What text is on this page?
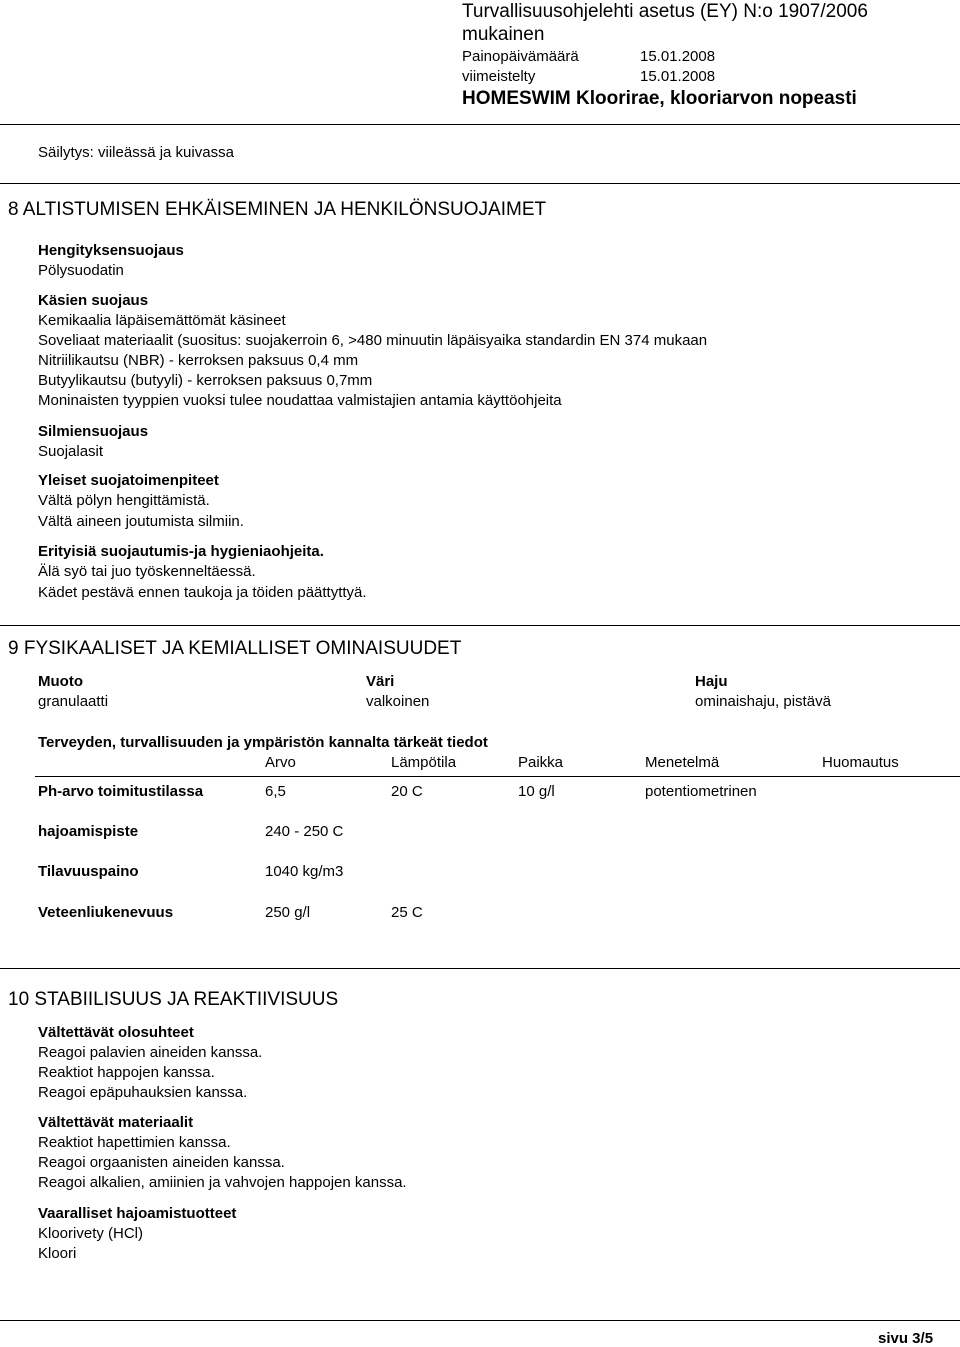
Turvallisuusohjelehti asetus (EY) N:o 1907/2006
mukainen
Painopäivämäärä	15.01.2008
viimeistelty	15.01.2008
HOMESWIM Kloorirae, klooriarvon nopeasti
Säilytys: viileässä ja kuivassa
8 ALTISTUMISEN EHKÄISEMINEN JA HENKILÖNSUOJAIMET
Hengityksensuojaus
Pölysuodatin
Käsien suojaus
Kemikaalia läpäisemättömät käsineet
Soveliaat materiaalit (suositus: suojakerroin 6, >480 minuutin läpäisyaika standardin EN 374 mukaan
Nitriilikautsu (NBR) - kerroksen paksuus 0,4 mm
Butyylikautsu (butyyli) - kerroksen paksuus 0,7mm
Moninaisten tyyppien vuoksi tulee noudattaa valmistajien antamia käyttöohjeita
Silmiensuojaus
Suojalasit
Yleiset suojatoimenpiteet
Vältä pölyn hengittämistä.
Vältä aineen joutumista silmiin.
Erityisiä suojautumis-ja hygieniaohjeita.
Älä syö tai juo työskenneltäessä.
Kädet pestävä ennen taukoja ja töiden päättyttyä.
9 FYSIKAALISET JA KEMIALLISET OMINAISUUDET
Muoto
granulaatti
Väri
valkoinen
Haju
ominaishaju, pistävä
Terveyden, turvallisuuden ja ympäristön kannalta tärkeät tiedot
Arvo	Lämpötila	Paikka	Menetelmä	Huomautus
Ph-arvo toimitustilassa	6,5	20 C	10 g/l	potentiometrinen
hajoamispiste	240 - 250 C
Tilavuuspaino	1040 kg/m3
Veteenliukenevuus	250 g/l	25 C
10 STABIILISUUS JA REAKTIIVISUUS
Vältettävät olosuhteet
Reagoi palavien aineiden kanssa.
Reaktiot happojen kanssa.
Reagoi epäpuhauksien kanssa.
Vältettävät materiaalit
Reaktiot hapettimien kanssa.
Reagoi orgaanisten aineiden kanssa.
Reagoi alkalien, amiinien ja vahvojen happojen kanssa.
Vaaralliset hajoamistuotteet
Kloorivety (HCl)
Kloori
sivu 3/5
